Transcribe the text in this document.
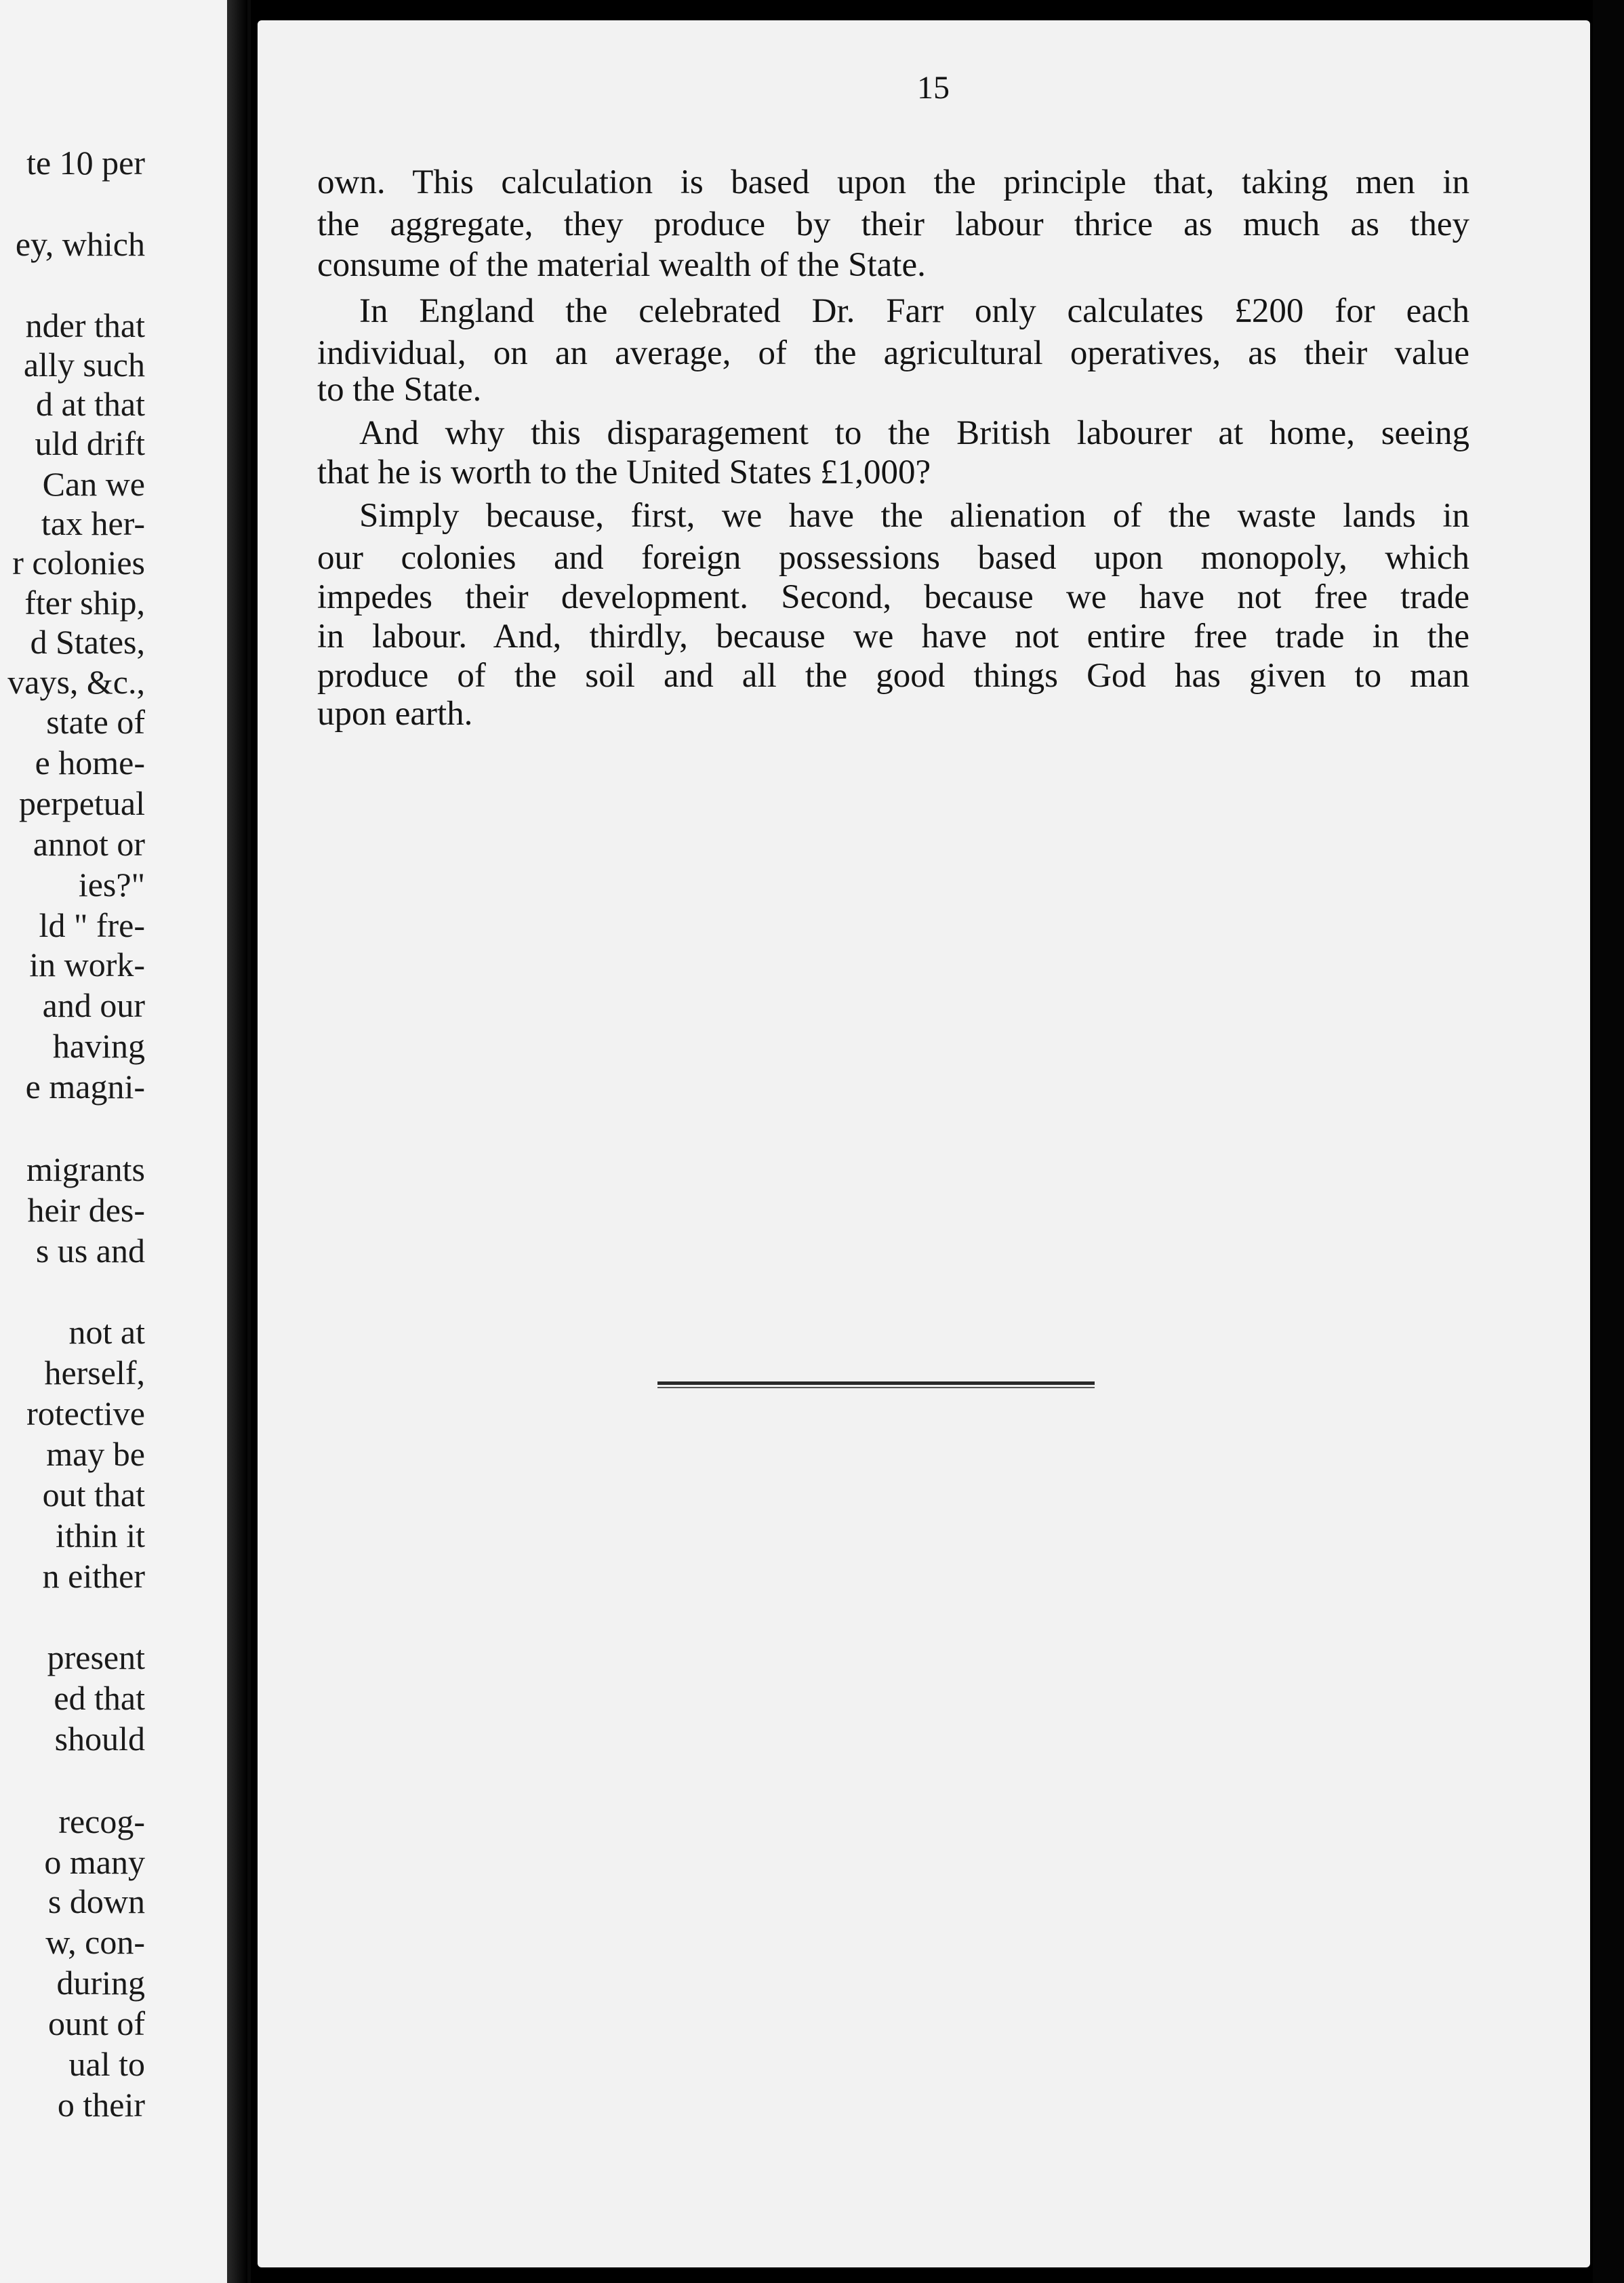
te 10 per
ey, which
nder that
ally such
d at that
uld drift
Can we
tax her-
r colonies
fter ship,
d States,
vays, &c.,
state of
e home-
perpetual
annot or
ies?"
ld " fre-
in work-
and our
having
e magni-
migrants
heir des-
s us and
not at
herself,
rotective
may be
out that
ithin it
n either
present
ed that
should
recog-
o many
s down
w, con-
during
ount of
ual to
o their
15
own. This calculation is based upon the principle that, taking men in
the aggregate, they produce by their labour thrice as much as they
consume of the material wealth of the State.
In England the celebrated Dr. Farr only calculates £200 for each
individual, on an average, of the agricultural operatives, as their value
to the State.
And why this disparagement to the British labourer at home, seeing
that he is worth to the United States £1,000?
Simply because, first, we have the alienation of the waste lands in
our colonies and foreign possessions based upon monopoly, which
impedes their development. Second, because we have not free trade
in labour. And, thirdly, because we have not entire free trade in the
produce of the soil and all the good things God has given to man
upon earth.
